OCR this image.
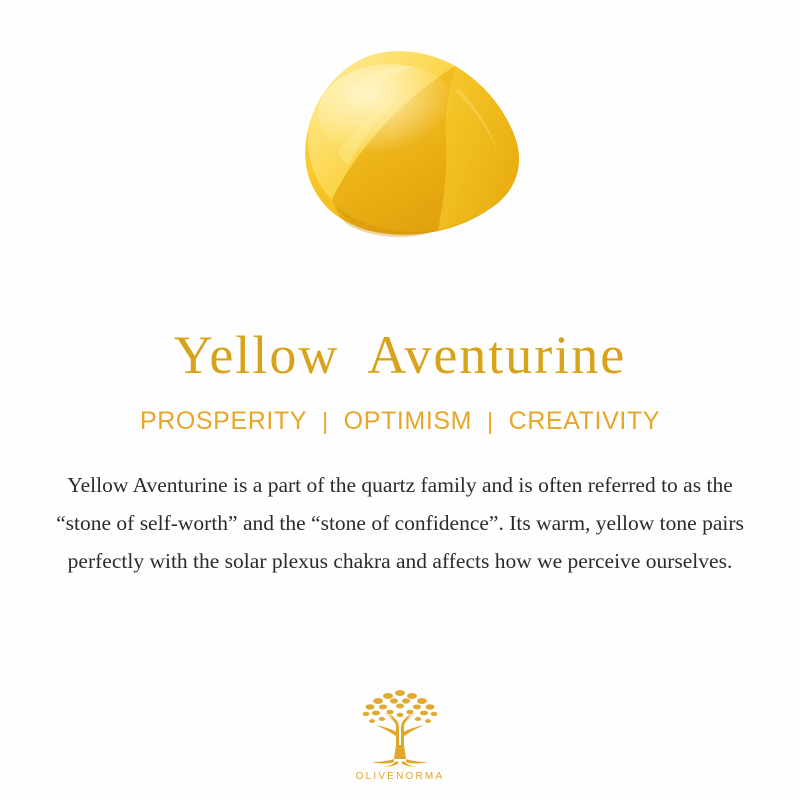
Yellow  Aventurine
PROSPERITY | OPTIMISM | CREATIVITY
Yellow Aventurine is a part of the quartz family and is often referred to as the “stone of self-worth” and the “stone of confidence”. Its warm, yellow tone pairs perfectly with the solar plexus chakra and affects how we perceive ourselves.
OLIVENORMA
